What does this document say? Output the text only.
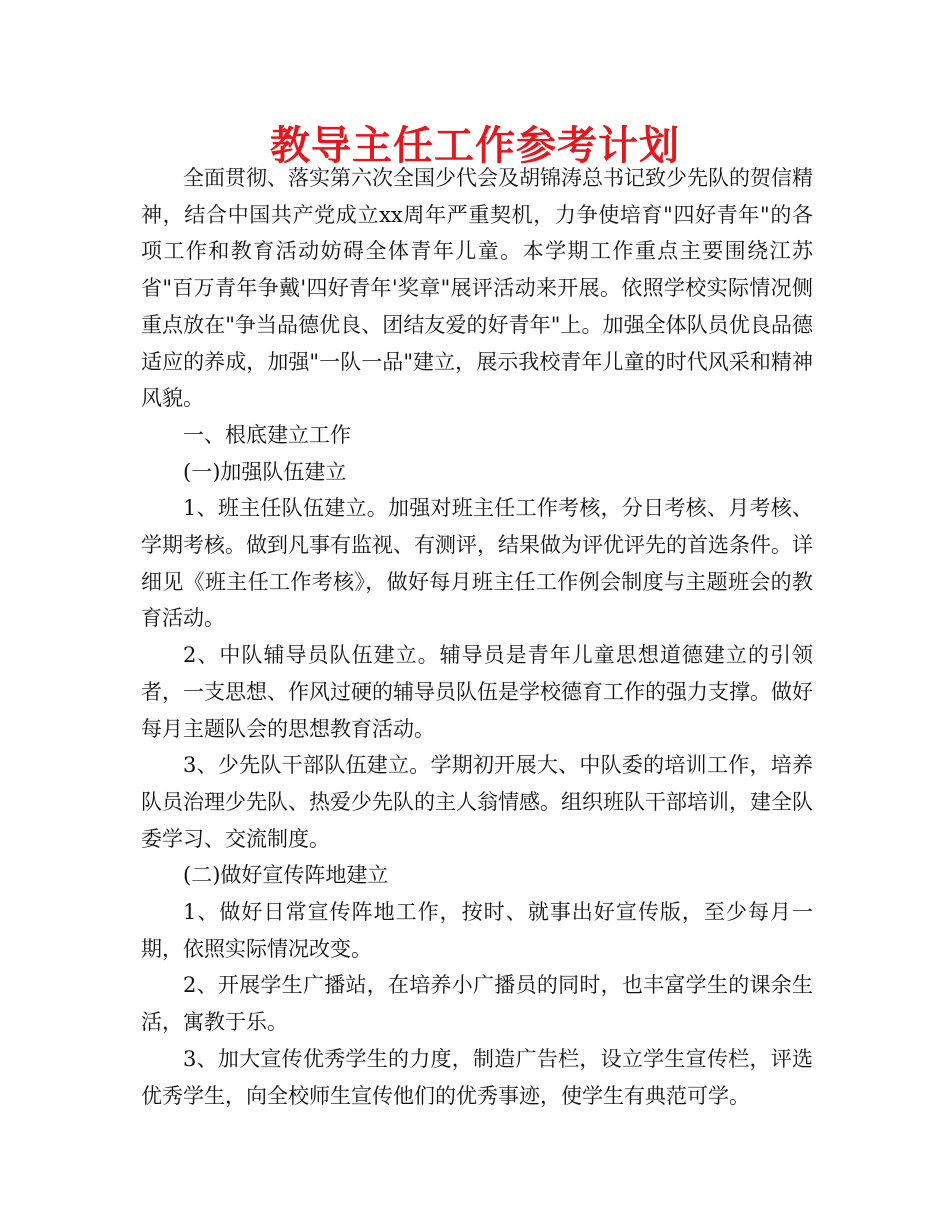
教导主任工作参考计划

全面贯彻、落实第六次全国少代会及胡锦涛总书记致少先队的贺信精神，结合中国共产党成立xx周年严重契机，力争使培育"四好青年"的各项工作和教育活动妨碍全体青年儿童。本学期工作重点主要围绕江苏省"百万青年争戴'四好青年'奖章"展评活动来开展。依照学校实际情况侧重点放在"争当品德优良、团结友爱的好青年"上。加强全体队员优良品德适应的养成，加强"一队一品"建立，展示我校青年儿童的时代风采和精神风貌。

一、根底建立工作

(一)加强队伍建立

1、班主任队伍建立。加强对班主任工作考核，分日考核、月考核、学期考核。做到凡事有监视、有测评，结果做为评优评先的首选条件。详细见《班主任工作考核》，做好每月班主任工作例会制度与主题班会的教育活动。

2、中队辅导员队伍建立。辅导员是青年儿童思想道德建立的引领者，一支思想、作风过硬的辅导员队伍是学校德育工作的强力支撑。做好每月主题队会的思想教育活动。

3、少先队干部队伍建立。学期初开展大、中队委的培训工作，培养队员治理少先队、热爱少先队的主人翁情感。组织班队干部培训，建全队委学习、交流制度。

(二)做好宣传阵地建立

1、做好日常宣传阵地工作，按时、就事出好宣传版，至少每月一期，依照实际情况改变。

2、开展学生广播站，在培养小广播员的同时，也丰富学生的课余生活，寓教于乐。

3、加大宣传优秀学生的力度，制造广告栏，设立学生宣传栏，评选优秀学生，向全校师生宣传他们的优秀事迹，使学生有典范可学。
